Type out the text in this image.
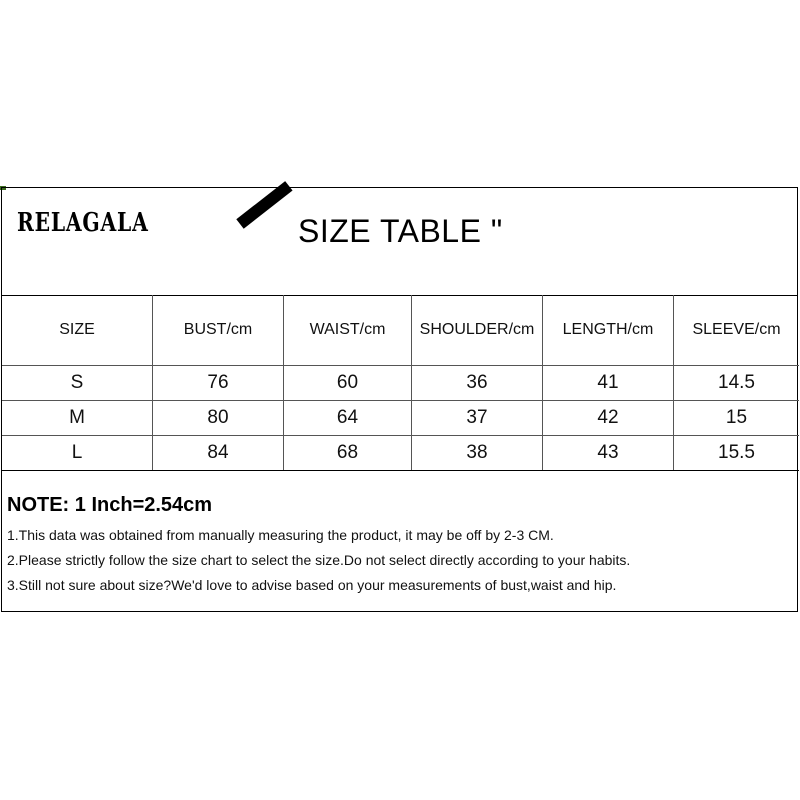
RELAGALA	SIZE TABLE "
SIZE	BUST/cm	WAIST/cm	SHOULDER/cm	LENGTH/cm	SLEEVE/cm
S	76	60	36	41	14.5
M	80	64	37	42	15
L	84	68	38	43	15.5
NOTE: 1 Inch=2.54cm
1.This data was obtained from manually measuring the product, it may be off by 2-3 CM.
2.Please strictly follow the size chart to select the size.Do not select directly according to your habits.
3.Still not sure about size?We'd love to advise based on your measurements of bust,waist and hip.
